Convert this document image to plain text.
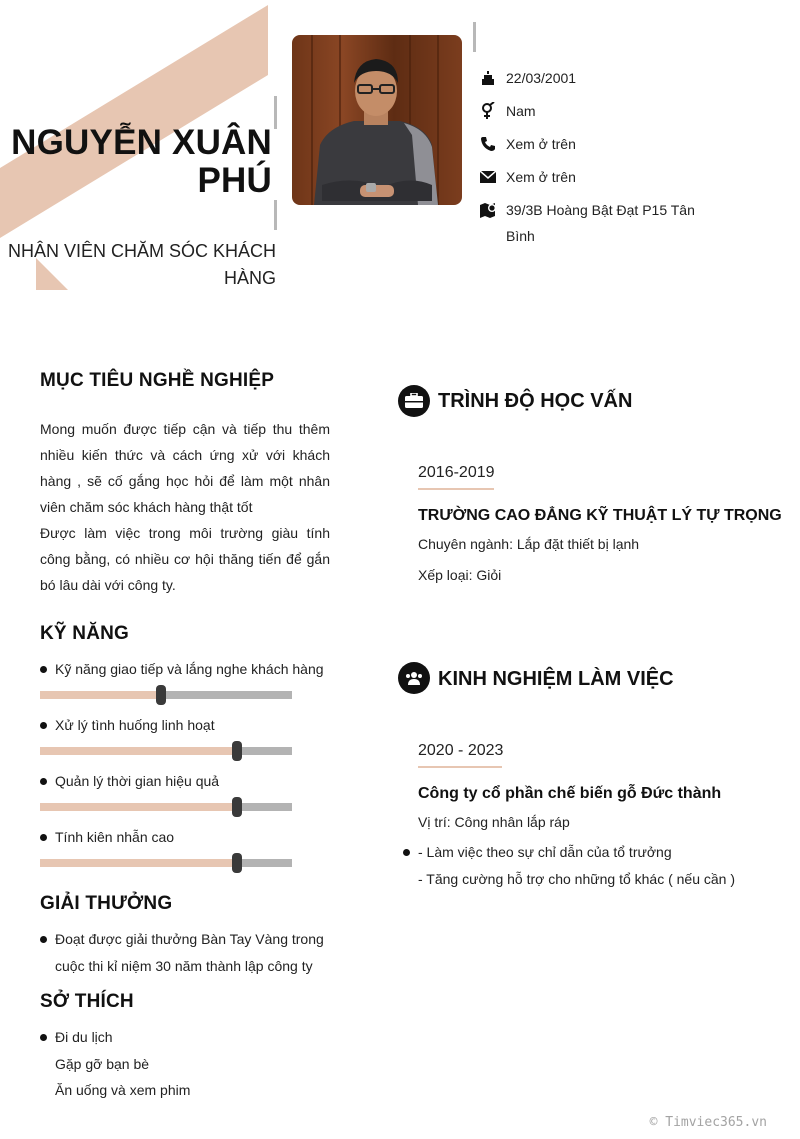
NGUYỄN XUÂN PHÚ
NHÂN VIÊN CHĂM SÓC KHÁCH HÀNG
22/03/2001
Nam
Xem ở trên
Xem ở trên
39/3B Hoàng Bật Đạt P15 Tân Bình
MỤC TIÊU NGHỀ NGHIỆP
Mong muốn được tiếp cận và tiếp thu thêm nhiều kiến thức và cách ứng xử với khách hàng , sẽ cố gắng học hỏi để làm một nhân viên chăm sóc khách hàng thật tốt
Được làm việc trong môi trường giàu tính công bằng, có nhiều cơ hội thăng tiến để gắn bó lâu dài với công ty.
KỸ NĂNG
Kỹ năng giao tiếp và lắng nghe khách hàng
Xử lý tình huống linh hoạt
Quản lý thời gian hiệu quả
Tính kiên nhẫn cao
GIẢI THƯỞNG
Đoạt được giải thưởng Bàn Tay Vàng trong
cuộc thi kỉ niệm 30 năm thành lập công ty
SỞ THÍCH
Đi du lịch
Gặp gỡ bạn bè
Ăn uống và xem phim
TRÌNH ĐỘ HỌC VẤN
2016-2019
TRƯỜNG CAO ĐẲNG KỸ THUẬT LÝ TỰ TRỌNG
Chuyên ngành: Lắp đặt thiết bị lạnh
Xếp loại: Giỏi
KINH NGHIỆM LÀM VIỆC
2020 - 2023
Công ty cổ phần chế biến gỗ Đức thành
Vị trí: Công nhân lắp ráp
- Làm việc theo sự chỉ dẫn của tổ trưởng
- Tăng cường hỗ trợ cho những tổ khác ( nếu cần )
© Timviec365.vn
